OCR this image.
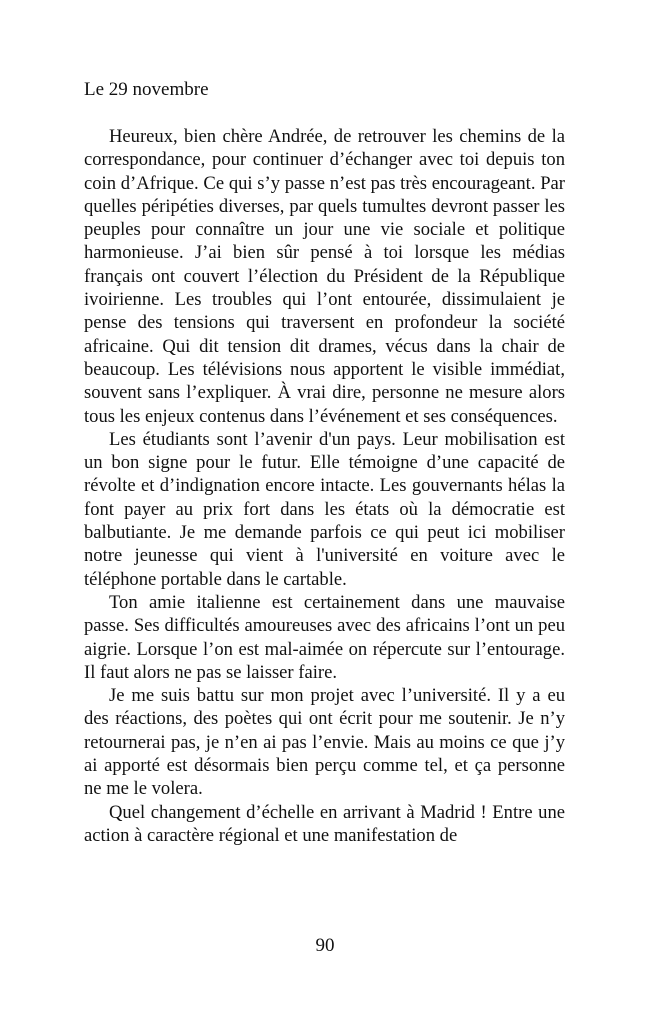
Le 29 novembre

Heureux, bien chère Andrée, de retrouver les chemins de la correspondance, pour continuer d’échanger avec toi depuis ton coin d’Afrique. Ce qui s’y passe n’est pas très encourageant. Par quelles péripéties diverses, par quels tumultes devront passer les peuples pour connaître un jour une vie sociale et politique harmonieuse. J’ai bien sûr pensé à toi lorsque les médias français ont couvert l’élection du Président de la République ivoirienne. Les troubles qui l’ont entourée, dissimulaient je pense des tensions qui traversent en profondeur la société africaine. Qui dit tension dit drames, vécus dans la chair de beaucoup. Les télévisions nous apportent le visible immédiat, souvent sans l’expliquer. À vrai dire, personne ne mesure alors tous les enjeux contenus dans l’événement et ses conséquences.

Les étudiants sont l’avenir d'un pays. Leur mobilisation est un bon signe pour le futur. Elle témoigne d’une capacité de révolte et d’indignation encore intacte. Les gouvernants hélas la font payer au prix fort dans les états où la démocratie est balbutiante. Je me demande parfois ce qui peut ici mobiliser notre jeunesse qui vient à l'université en voiture avec le téléphone portable dans le cartable.

Ton amie italienne est certainement dans une mauvaise passe. Ses difficultés amoureuses avec des africains l’ont un peu aigrie. Lorsque l’on est mal-aimée on répercute sur l’entourage. Il faut alors ne pas se laisser faire.

Je me suis battu sur mon projet avec l’université. Il y a eu des réactions, des poètes qui ont écrit pour me soutenir. Je n’y retournerai pas, je n’en ai pas l’envie. Mais au moins ce que j’y ai apporté est désormais bien perçu comme tel, et ça personne ne me le volera.

Quel changement d’échelle en arrivant à Madrid ! Entre une action à caractère régional et une manifestation de

90
